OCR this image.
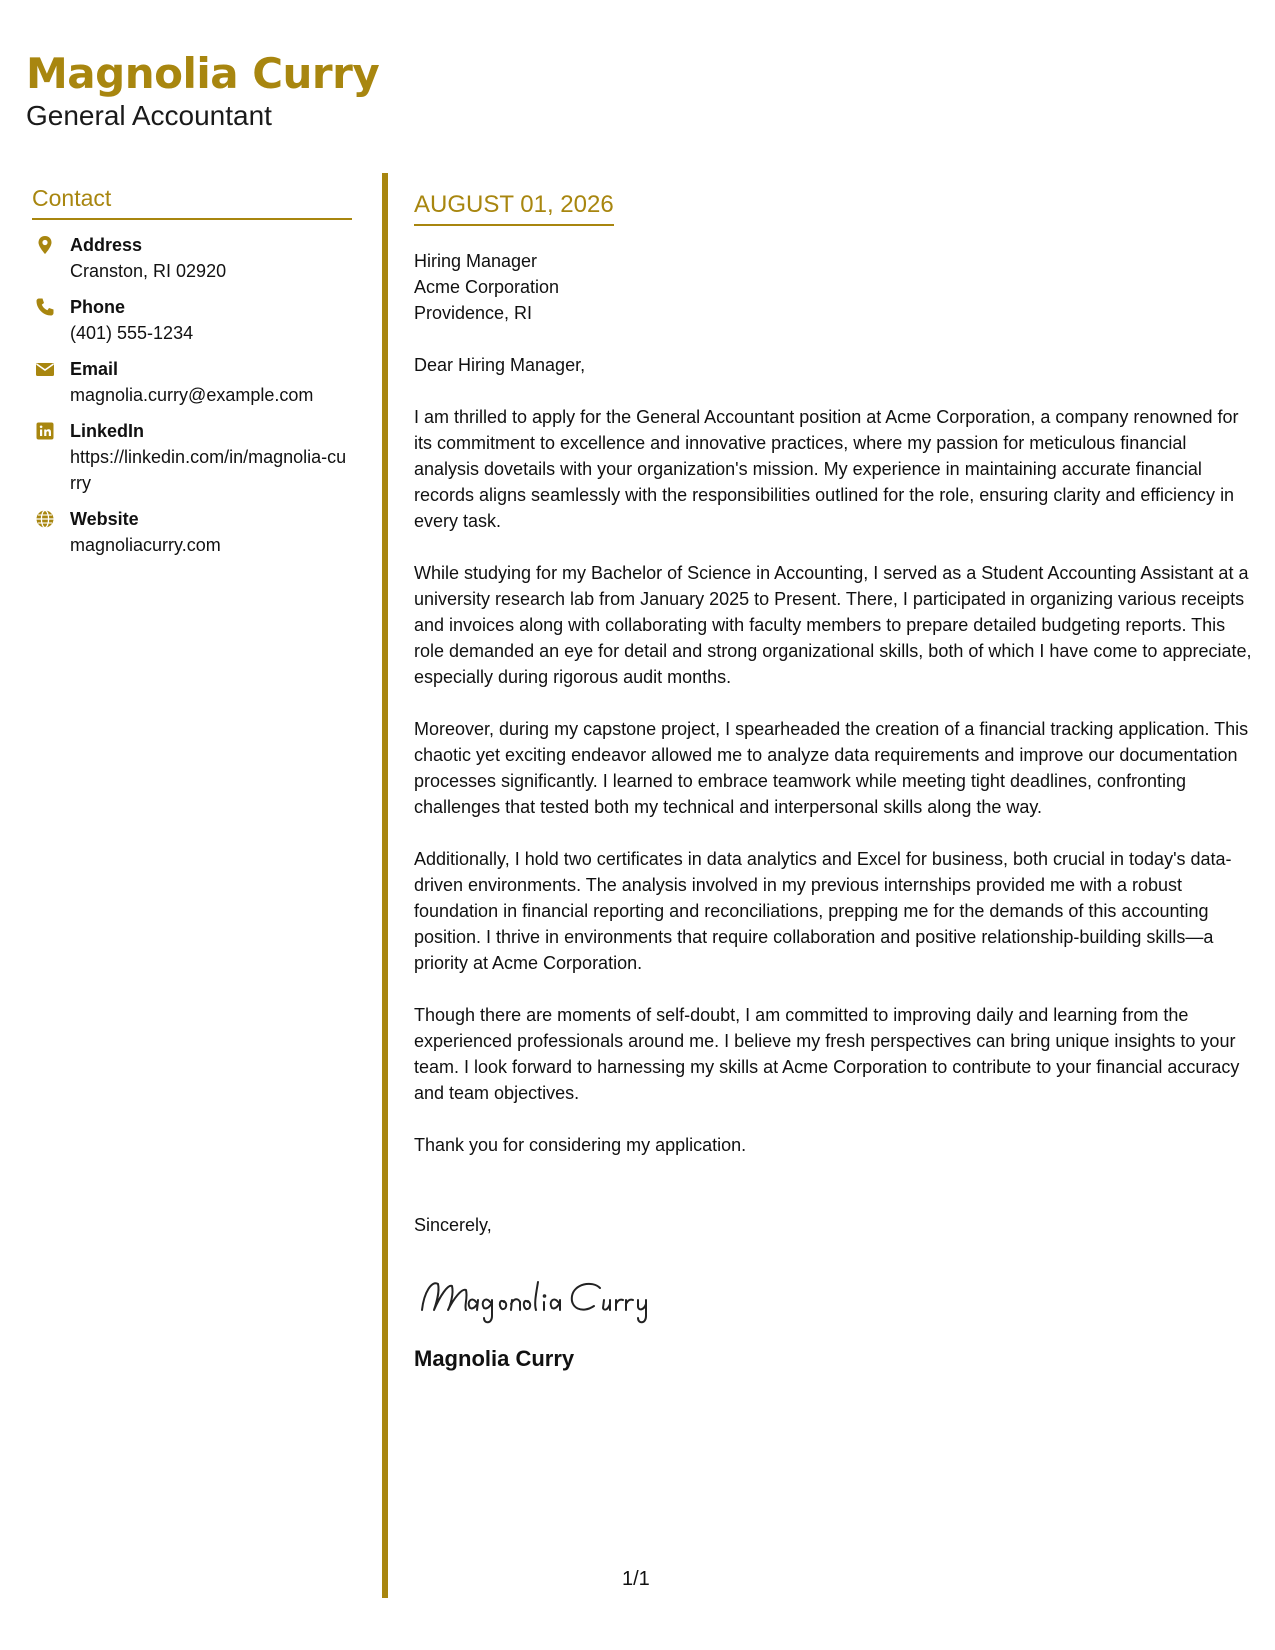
Magnolia Curry
General Accountant
Contact
Address
Cranston, RI 02920
Phone
(401) 555-1234
Email
magnolia.curry@example.com
LinkedIn
https://linkedin.com/in/magnolia-curry
Website
magnoliacurry.com
AUGUST 01, 2026
Hiring Manager
Acme Corporation
Providence, RI

Dear Hiring Manager,

I am thrilled to apply for the General Accountant position at Acme Corporation, a company renowned for its commitment to excellence and innovative practices, where my passion for meticulous financial analysis dovetails with your organization's mission. My experience in maintaining accurate financial records aligns seamlessly with the responsibilities outlined for the role, ensuring clarity and efficiency in every task.

While studying for my Bachelor of Science in Accounting, I served as a Student Accounting Assistant at a university research lab from January 2025 to Present. There, I participated in organizing various receipts and invoices along with collaborating with faculty members to prepare detailed budgeting reports. This role demanded an eye for detail and strong organizational skills, both of which I have come to appreciate, especially during rigorous audit months.

Moreover, during my capstone project, I spearheaded the creation of a financial tracking application. This chaotic yet exciting endeavor allowed me to analyze data requirements and improve our documentation processes significantly. I learned to embrace teamwork while meeting tight deadlines, confronting challenges that tested both my technical and interpersonal skills along the way.

Additionally, I hold two certificates in data analytics and Excel for business, both crucial in today's data-driven environments. The analysis involved in my previous internships provided me with a robust foundation in financial reporting and reconciliations, prepping me for the demands of this accounting position. I thrive in environments that require collaboration and positive relationship-building skills—a priority at Acme Corporation.

Though there are moments of self-doubt, I am committed to improving daily and learning from the experienced professionals around me. I believe my fresh perspectives can bring unique insights to your team. I look forward to harnessing my skills at Acme Corporation to contribute to your financial accuracy and team objectives.

Thank you for considering my application.

Sincerely,
Magnolia Curry
1/1
